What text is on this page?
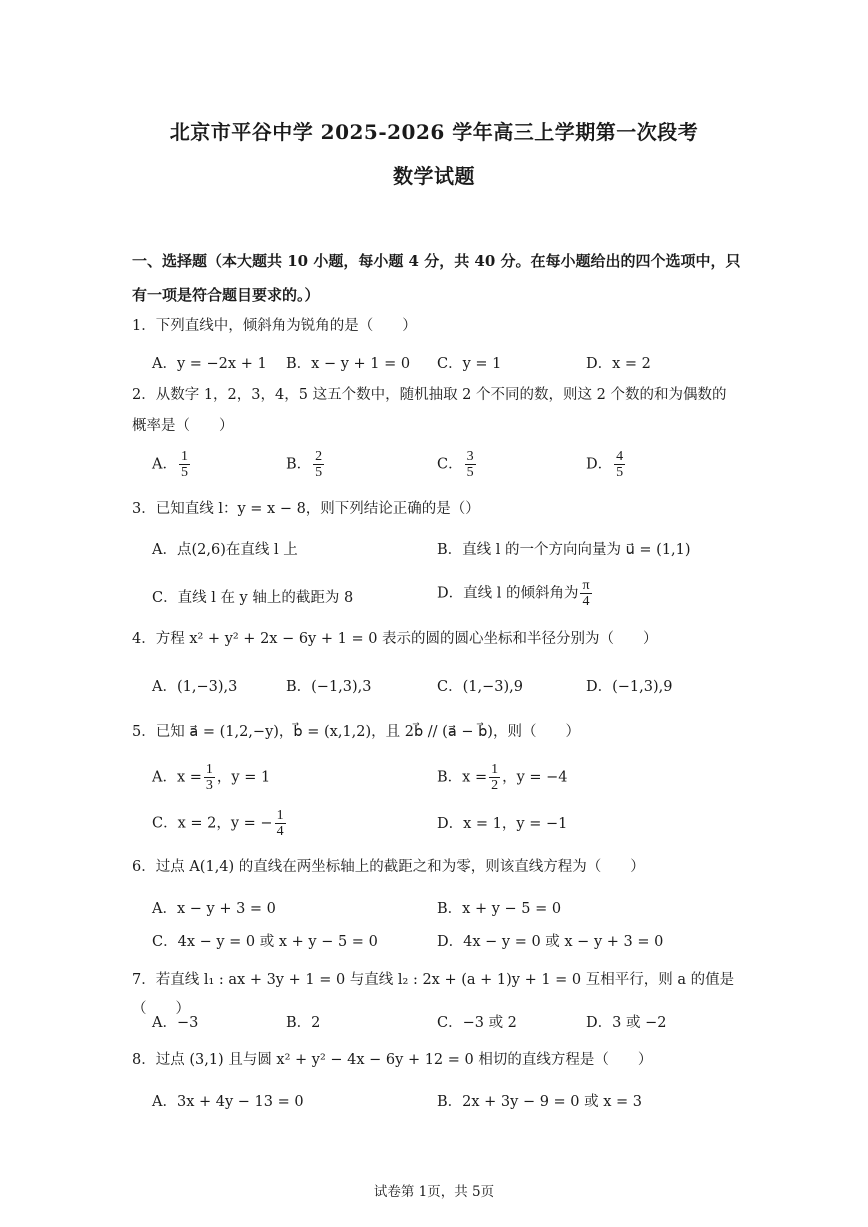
北京市平谷中学 2025-2026 学年高三上学期第一次段考
数学试题
一、选择题（本大题共 10 小题，每小题 4 分，共 40 分。在每小题给出的四个选项中，只
有一项是符合题目要求的。）
1．下列直线中，倾斜角为锐角的是（　　）
A．y = −2x + 1 B．x − y + 1 = 0 C．y = 1	D．x = 2
2．从数字 1，2，3，4，5 这五个数中，随机抽取 2 个不同的数，则这 2 个数的和为偶数的
概率是（　　）
A． $\frac{1}{5}$	B． $\frac{2}{5}$	C． $\frac{3}{5}$	D． $\frac{4}{5}$
3．已知直线 l：y = x − 8，则下列结论正确的是（）
A．点(2,6)在直线 l 上	B．直线 l 的一个方向向量为 u⃗ = (1,1)
C．直线 l 在 y 轴上的截距为 8	D．直线 l 的倾斜角为 $\frac{\pi}{4}$
4．方程 x² + y² + 2x − 6y + 1 = 0 表示的圆的圆心坐标和半径分别为（　　）
A．(1,−3),3	B．(−1,3),3	C．(1,−3),9	D．(−1,3),9
5．已知 a⃗ = (1,2,−y)，b⃗ = (x,1,2)，且 2b⃗ // (a⃗ − b⃗)，则（　　）
A．$x = \frac{1}{3}$ ，y = 1	B．$x = \frac{1}{2}$ ，y = −4
C．x = 2，y = − $\frac{1}{4}$	D．x = 1，y = −1
6．过点 A(1,4) 的直线在两坐标轴上的截距之和为零，则该直线方程为（　　）
A．x − y + 3 = 0	B．x + y − 5 = 0
C．4x − y = 0 或 x + y − 5 = 0	D．4x − y = 0 或 x − y + 3 = 0
7．若直线 l₁ : ax + 3y + 1 = 0 与直线 l₂ : 2x + (a + 1)y + 1 = 0 互相平行，则 a 的值是（　　）
A．−3	B．2	C．−3 或 2	D．3 或 −2
8．过点 (3,1) 且与圆 x² + y² − 4x − 6y + 12 = 0 相切的直线方程是（　　）
A．3x + 4y − 13 = 0	B．2x + 3y − 9 = 0 或 x = 3
试卷第 1页，共 5页
